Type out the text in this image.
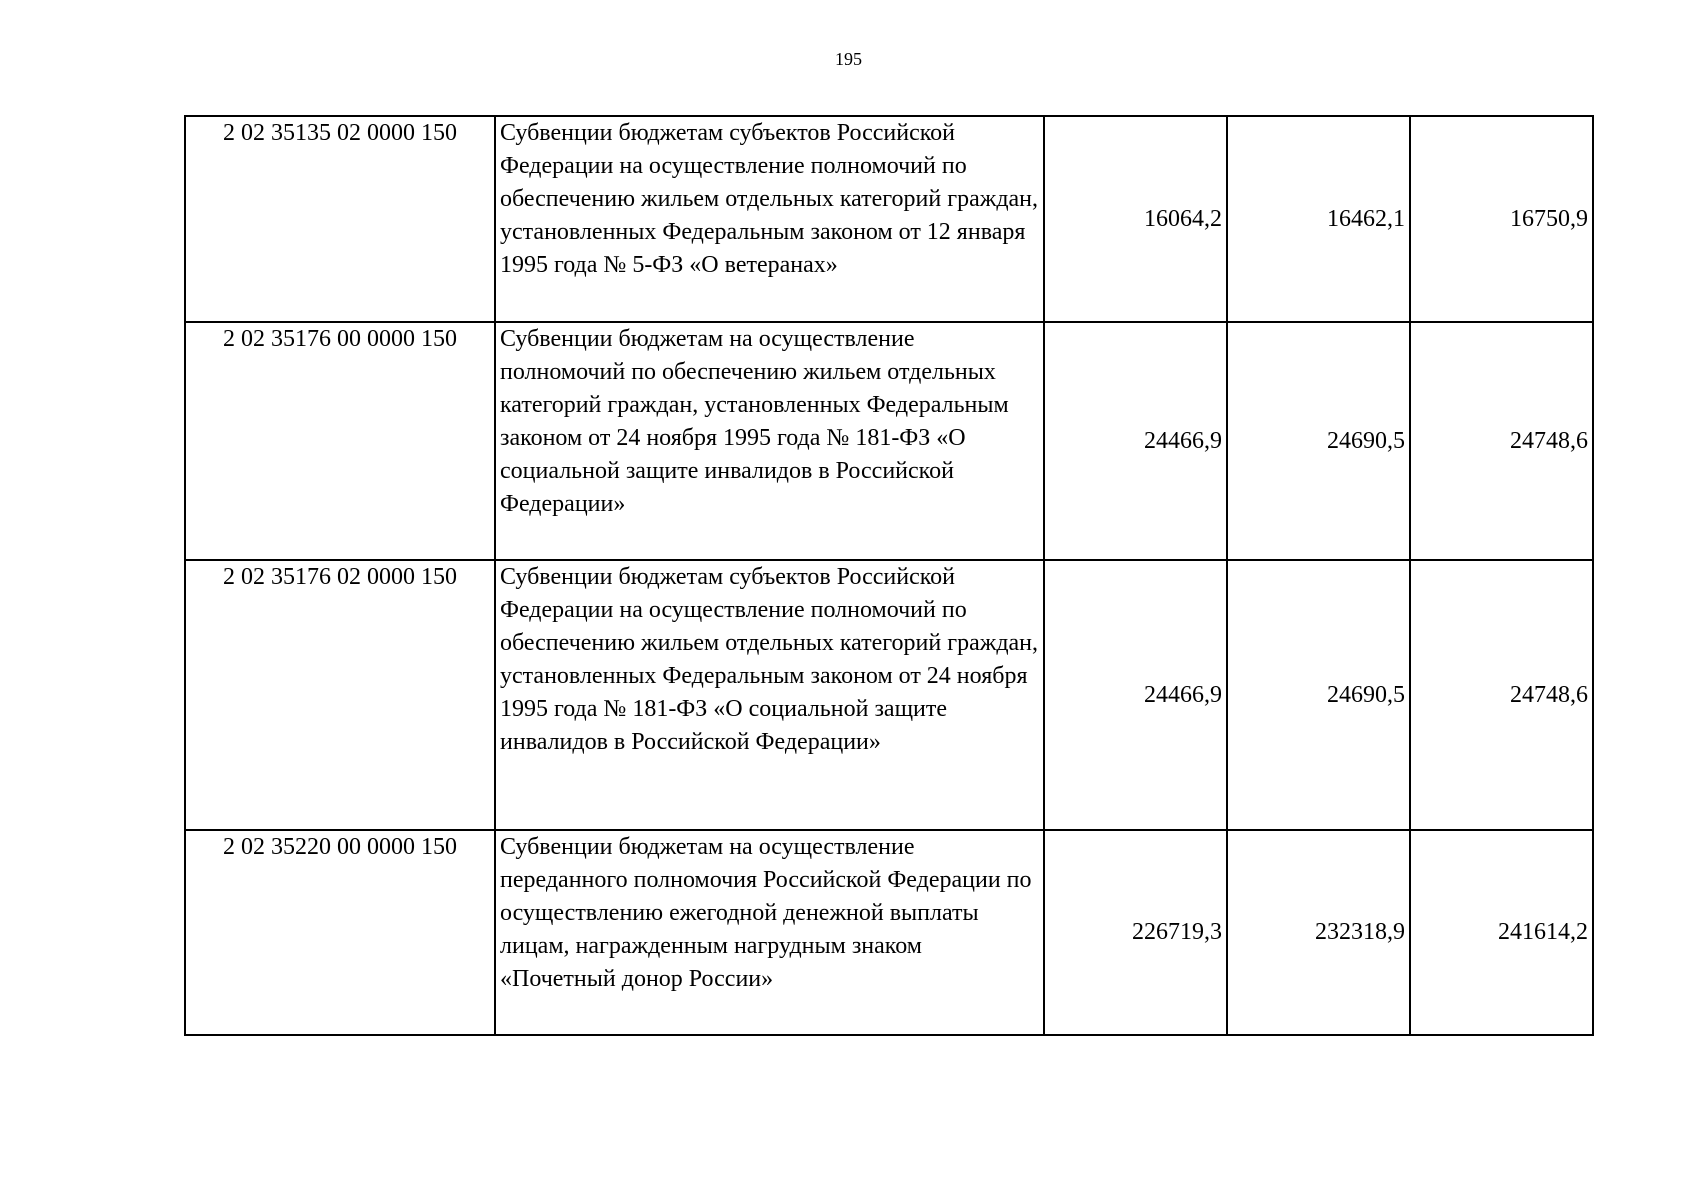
195
2 02 35135 02 0000 150	Субвенции бюджетам субъектов Российской Федерации на осуществление полномочий по обеспечению жильем отдельных категорий граждан, установленных Федеральным законом от 12 января 1995 года № 5-ФЗ «О ветеранах»	16064,2	16462,1	16750,9
2 02 35176 00 0000 150	Субвенции бюджетам на осуществление полномочий по обеспечению жильем отдельных категорий граждан, установленных Федеральным законом от 24 ноября 1995 года № 181-ФЗ «О социальной защите инвалидов в Российской Федерации»	24466,9	24690,5	24748,6
2 02 35176 02 0000 150	Субвенции бюджетам субъектов Российской Федерации на осуществление полномочий по обеспечению жильем отдельных категорий граждан, установленных Федеральным законом от 24 ноября 1995 года № 181-ФЗ «О социальной защите инвалидов в Российской Федерации»	24466,9	24690,5	24748,6
2 02 35220 00 0000 150	Субвенции бюджетам на осуществление переданного полномочия Российской Федерации по осуществлению ежегодной денежной выплаты лицам, награжденным нагрудным знаком «Почетный донор России»	226719,3	232318,9	241614,2
